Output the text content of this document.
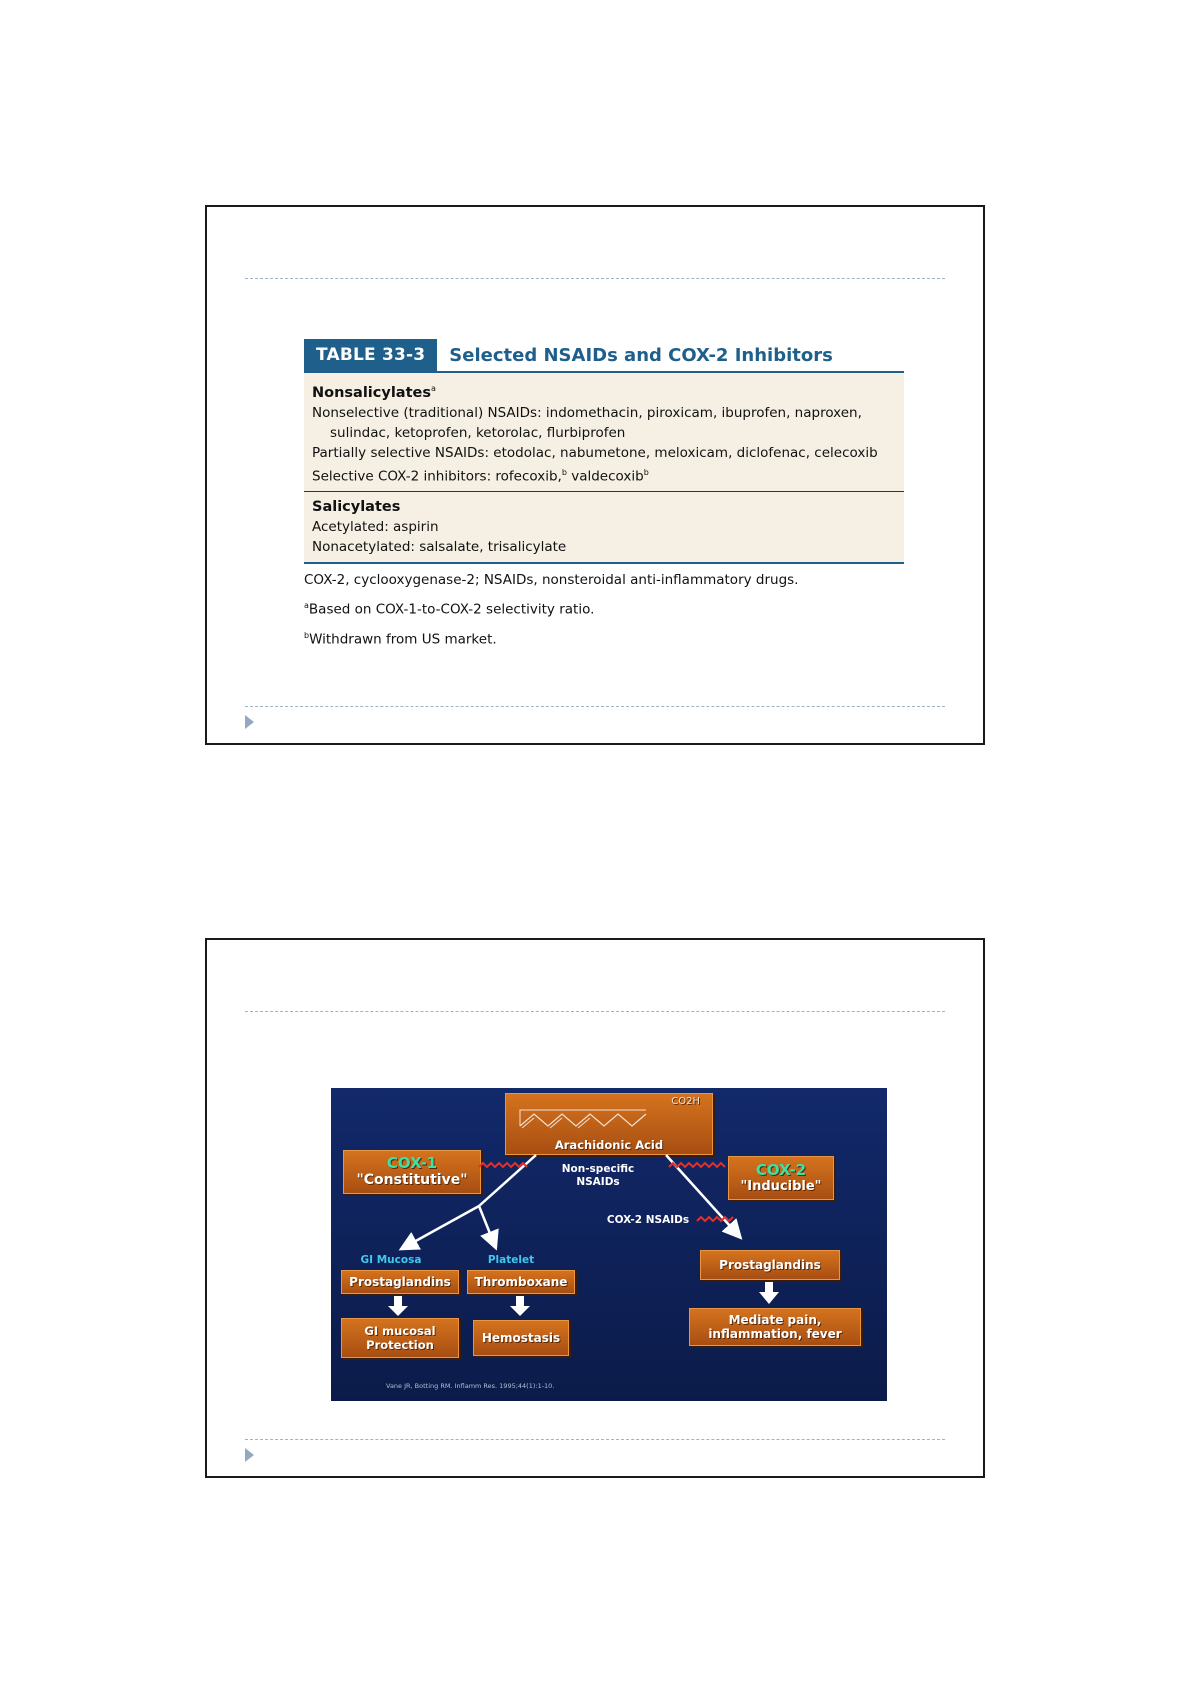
TABLE 33-3	Selected NSAIDs and COX-2 Inhibitors
Nonsalicylates$^a$
Nonselective (traditional) NSAIDs: indomethacin, piroxicam, ibuprofen, naproxen, sulindac, ketoprofen, ketorolac, flurbiprofen
Partially selective NSAIDs: etodolac, nabumetone, meloxicam, diclofenac, celecoxib
Selective COX-2 inhibitors: rofecoxib,$^b$ valdecoxib$^b$
Salicylates
Acetylated: aspirin
Nonacetylated: salsalate, trisalicylate
COX-2, cyclooxygenase-2; NSAIDs, nonsteroidal anti-inflammatory drugs.
$^a$Based on COX-1-to-COX-2 selectivity ratio.
$^b$Withdrawn from US market.
CO2H
Arachidonic Acid
COX-1
"Constitutive"
COX-2
"Inducible"
Prostaglandins Thromboxane
GI mucosal Protection	Hemostasis
Prostaglandins
Mediate pain, inflammation, fever
Non-specific NSAIDs
COX-2 NSAIDs
GI Mucosa	Platelet
Vane JR, Botting RM. Inflamm Res. 1995;44(1):1-10.
